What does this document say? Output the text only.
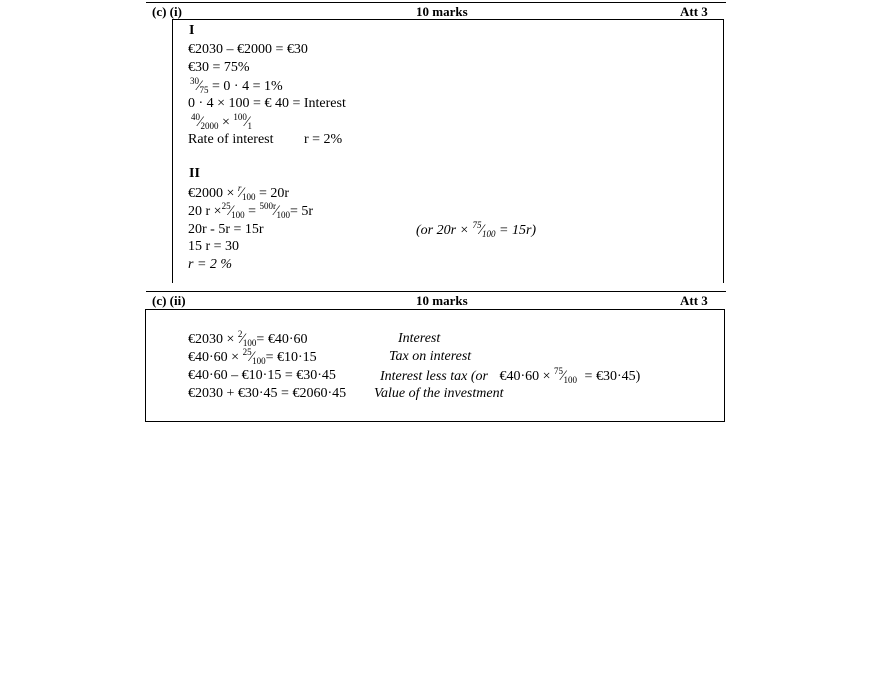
(c) (i)	10 marks	Att 3
I
€2030 – €2000 = €30
€30 = 75%
$^{30}⁄_{75} = 0 \cdot 4 = 1\%$
0 · 4 × 100 = € 40 = Interest
$^{40}⁄_{2000}$ × $^{100}⁄_1$
Rate of interest r = 2%
II
€2000 × $^r⁄_{100} = 20r$
20 $r \times^{25}⁄_{100}$ = $^{500r}⁄_{100}= 5r$
20r - 5r = 15r	(or $20r \times ^{75}⁄_{100} = 15r$)
15 r = 30
r = 2 %
(c) (ii)	10 marks	Att 3
€2030 × $^2⁄_{100}=$ €40·60	Interest
€40·60 × $^{25}⁄_{100}=$ €10·15	Tax on interest
€40·60 – €10·15 = €30·45	Interest less tax (or €40·60 × $^{75}⁄_{100}$ = €30·45)
€2030 + €30·45 = €2060·45 Value of the investment
